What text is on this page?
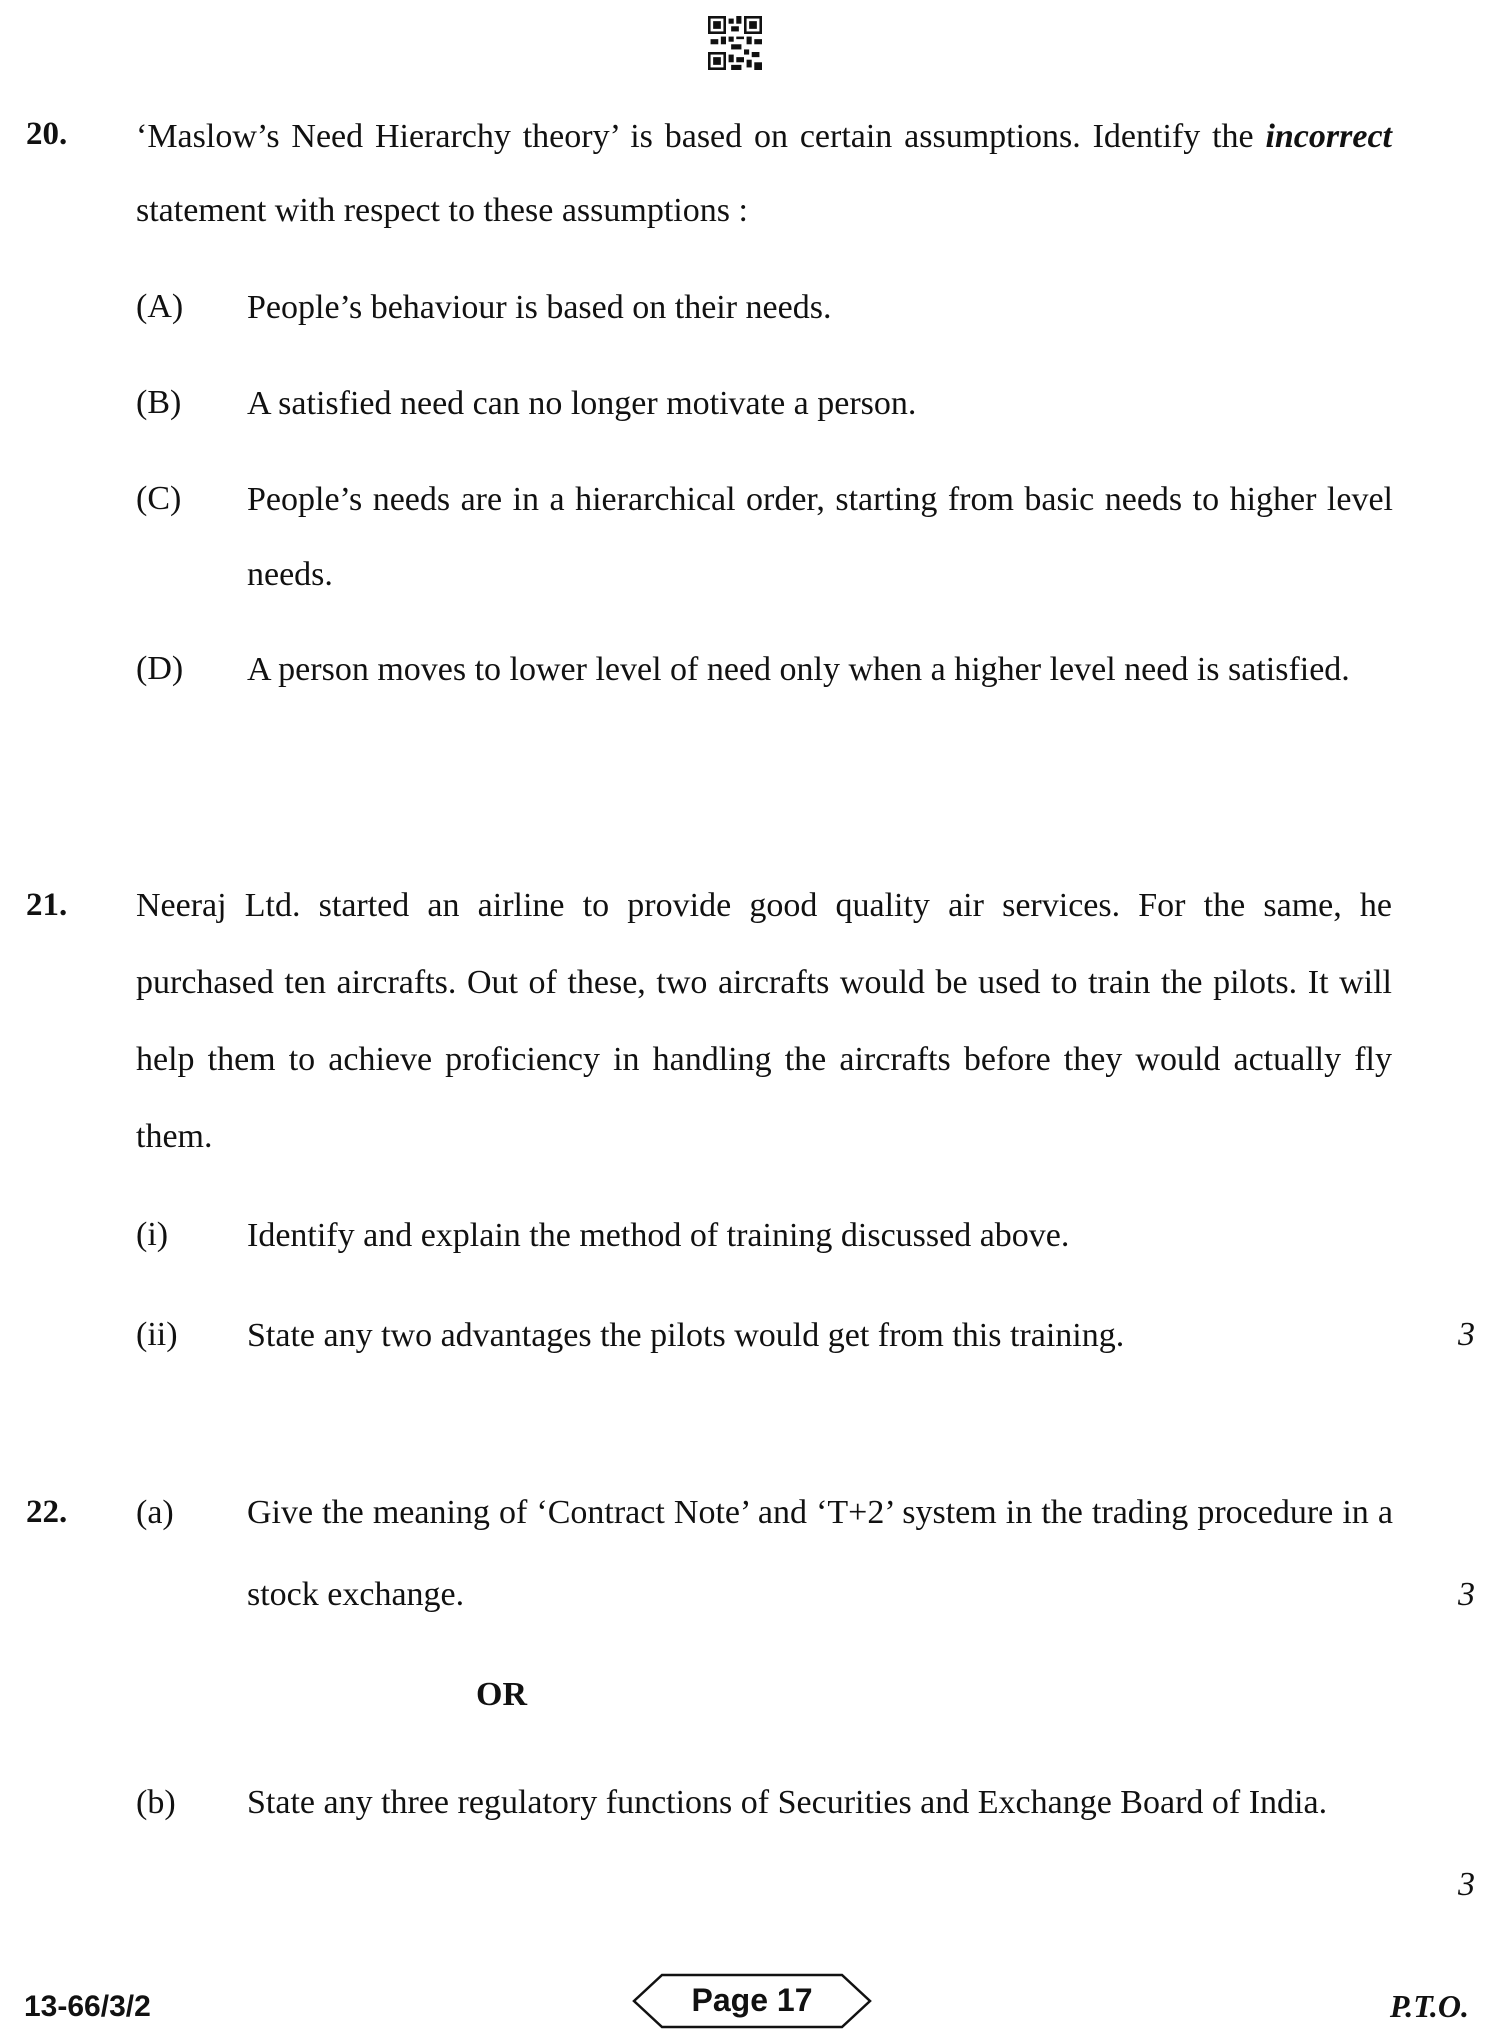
20. ‘Maslow’s Need Hierarchy theory’ is based on certain assumptions. Identify the incorrect statement with respect to these assumptions :
(A) People’s behaviour is based on their needs.
(B) A satisfied need can no longer motivate a person.
(C) People’s needs are in a hierarchical order, starting from basic needs to higher level needs.
(D) A person moves to lower level of need only when a higher level need is satisfied.
21. Neeraj Ltd. started an airline to provide good quality air services. For the same, he purchased ten aircrafts. Out of these, two aircrafts would be used to train the pilots. It will help them to achieve proficiency in handling the aircrafts before they would actually fly them.
(i) Identify and explain the method of training discussed above.
(ii) State any two advantages the pilots would get from this training.	3
22. (a) Give the meaning of ‘Contract Note’ and ‘T+2’ system in the trading procedure in a stock exchange.	3
OR
(b) State any three regulatory functions of Securities and Exchange Board of India.
3
13-66/3/2	Page 17	P.T.O.
